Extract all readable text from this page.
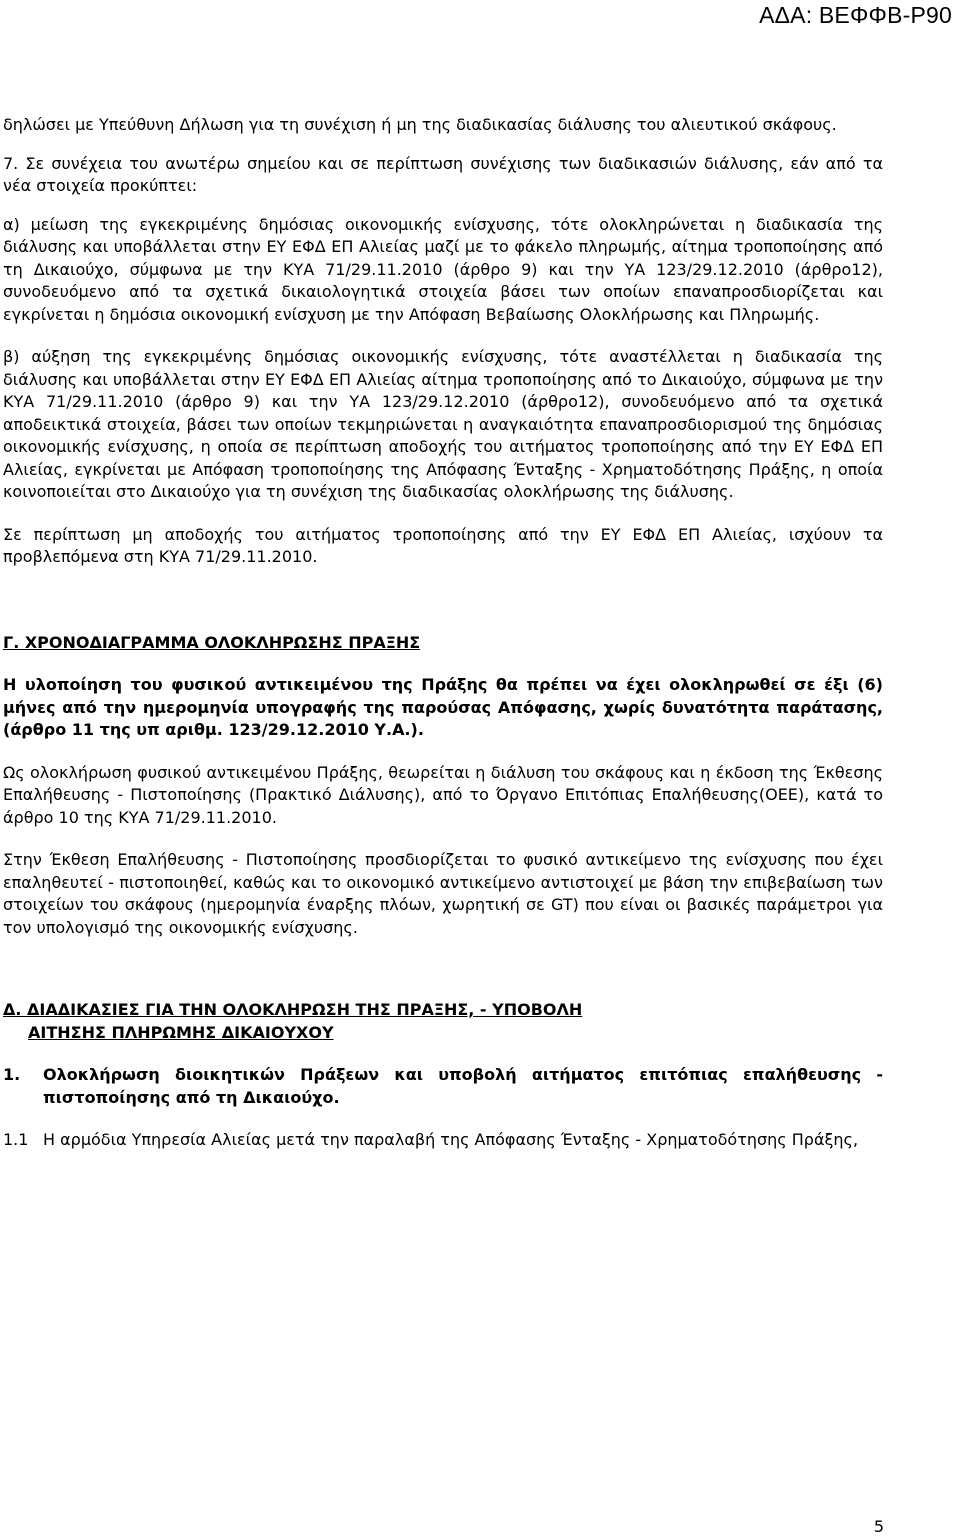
ΑΔΑ: ΒΕΦΦΒ-Ρ90

δηλώσει με Υπεύθυνη Δήλωση για τη συνέχιση ή μη της διαδικασίας διάλυσης του αλιευτικού σκάφους.

7. Σε συνέχεια του ανωτέρω σημείου και σε περίπτωση συνέχισης των διαδικασιών διάλυσης, εάν από τα νέα στοιχεία προκύπτει:

α) μείωση της εγκεκριμένης δημόσιας οικονομικής ενίσχυσης, τότε ολοκληρώνεται η διαδικασία της διάλυσης και υποβάλλεται στην ΕΥ ΕΦΔ ΕΠ Αλιείας μαζί με το φάκελο πληρωμής, αίτημα τροποποίησης από τη Δικαιούχο, σύμφωνα με την ΚΥΑ 71/29.11.2010 (άρθρο 9) και την ΥΑ 123/29.12.2010 (άρθρο12), συνοδευόμενο από τα σχετικά δικαιολογητικά στοιχεία βάσει των οποίων επαναπροσδιορίζεται και εγκρίνεται η δημόσια οικονομική ενίσχυση με την Απόφαση Βεβαίωσης Ολοκλήρωσης και Πληρωμής.

β) αύξηση της εγκεκριμένης δημόσιας οικονομικής ενίσχυσης, τότε αναστέλλεται η διαδικασία της διάλυσης και υποβάλλεται στην ΕΥ ΕΦΔ ΕΠ Αλιείας αίτημα τροποποίησης από το Δικαιούχο, σύμφωνα με την ΚΥΑ 71/29.11.2010 (άρθρο 9) και την ΥΑ 123/29.12.2010 (άρθρο12), συνοδευόμενο από τα σχετικά αποδεικτικά στοιχεία, βάσει των οποίων τεκμηριώνεται η αναγκαιότητα επαναπροσδιορισμού της δημόσιας οικονομικής ενίσχυσης, η οποία σε περίπτωση αποδοχής του αιτήματος τροποποίησης από την ΕΥ ΕΦΔ ΕΠ Αλιείας, εγκρίνεται με Απόφαση τροποποίησης της Απόφασης Ένταξης - Χρηματοδότησης Πράξης, η οποία κοινοποιείται στο Δικαιούχο για τη συνέχιση της διαδικασίας ολοκλήρωσης της διάλυσης.

Σε περίπτωση μη αποδοχής του αιτήματος τροποποίησης από την ΕΥ ΕΦΔ ΕΠ Αλιείας, ισχύουν τα προβλεπόμενα στη ΚΥΑ 71/29.11.2010.

Γ. ΧΡΟΝΟΔΙΑΓΡΑΜΜΑ ΟΛΟΚΛΗΡΩΣΗΣ ΠΡΑΞΗΣ

Η υλοποίηση του φυσικού αντικειμένου της Πράξης θα πρέπει να έχει ολοκληρωθεί σε έξι (6) μήνες από την ημερομηνία υπογραφής της παρούσας Απόφασης, χωρίς δυνατότητα παράτασης, (άρθρο 11 της υπ αριθμ. 123/29.12.2010 Υ.Α.).

Ως ολοκλήρωση φυσικού αντικειμένου Πράξης, θεωρείται η διάλυση του σκάφους και η έκδοση της Έκθεσης Επαλήθευσης - Πιστοποίησης (Πρακτικό Διάλυσης), από το Όργανο Επιτόπιας Επαλήθευσης(ΟΕΕ), κατά το άρθρο 10 της ΚΥΑ 71/29.11.2010.

Στην Έκθεση Επαλήθευσης - Πιστοποίησης προσδιορίζεται το φυσικό αντικείμενο της ενίσχυσης που έχει επαληθευτεί - πιστοποιηθεί, καθώς και το οικονομικό αντικείμενο αντιστοιχεί με βάση την επιβεβαίωση των στοιχείων του σκάφους (ημερομηνία έναρξης πλόων, χωρητική σε GT) που είναι οι βασικές παράμετροι για τον υπολογισμό της οικονομικής ενίσχυσης.

Δ. ΔΙΑΔΙΚΑΣΙΕΣ ΓΙΑ ΤΗΝ ΟΛΟΚΛΗΡΩΣΗ ΤΗΣ ΠΡΑΞΗΣ, - ΥΠΟΒΟΛΗ

ΑΙΤΗΣΗΣ ΠΛΗΡΩΜΗΣ ΔΙΚΑΙΟΥΧΟΥ

1.	Ολοκλήρωση διοικητικών Πράξεων και υποβολή αιτήματος επιτόπιας επαλήθευσης - πιστοποίησης από τη Δικαιούχο.
1.1 Η αρμόδια Υπηρεσία Αλιείας μετά την παραλαβή της Απόφασης Ένταξης - Χρηματοδότησης Πράξης,
5
